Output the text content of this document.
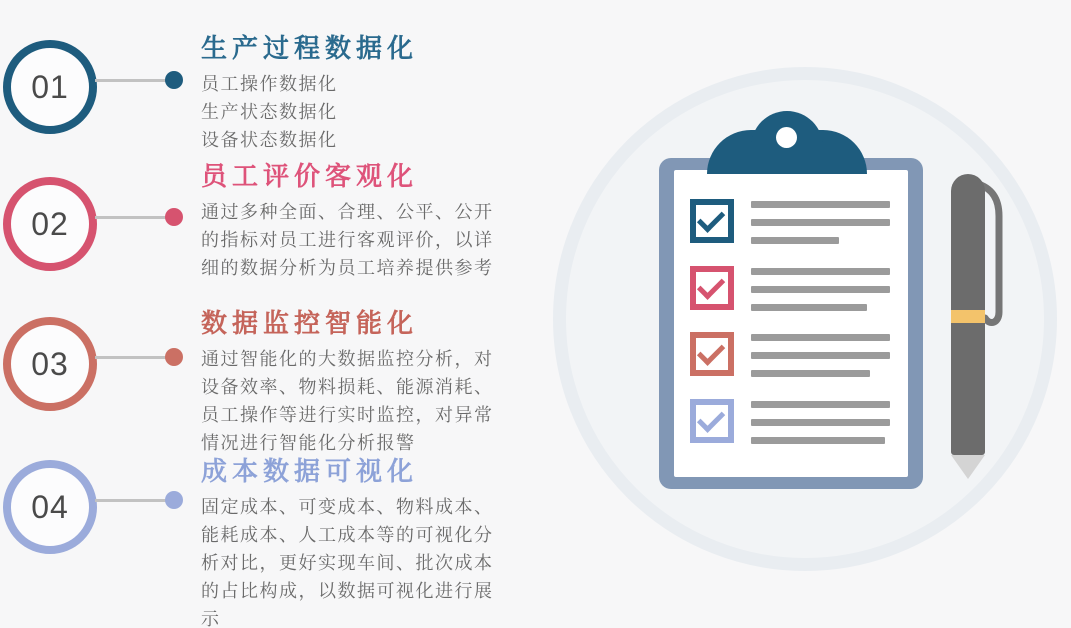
01
生产过程数据化
员工操作数据化
生产状态数据化
设备状态数据化
02
员工评价客观化
通过多种全面、合理、公平、公开
的指标对员工进行客观评价，以详
细的数据分析为员工培养提供参考
03
数据监控智能化
通过智能化的大数据监控分析，对
设备效率、物料损耗、能源消耗、
员工操作等进行实时监控，对异常
情况进行智能化分析报警
04
成本数据可视化
固定成本、可变成本、物料成本、
能耗成本、人工成本等的可视化分
析对比，更好实现车间、批次成本
的占比构成，以数据可视化进行展
示
